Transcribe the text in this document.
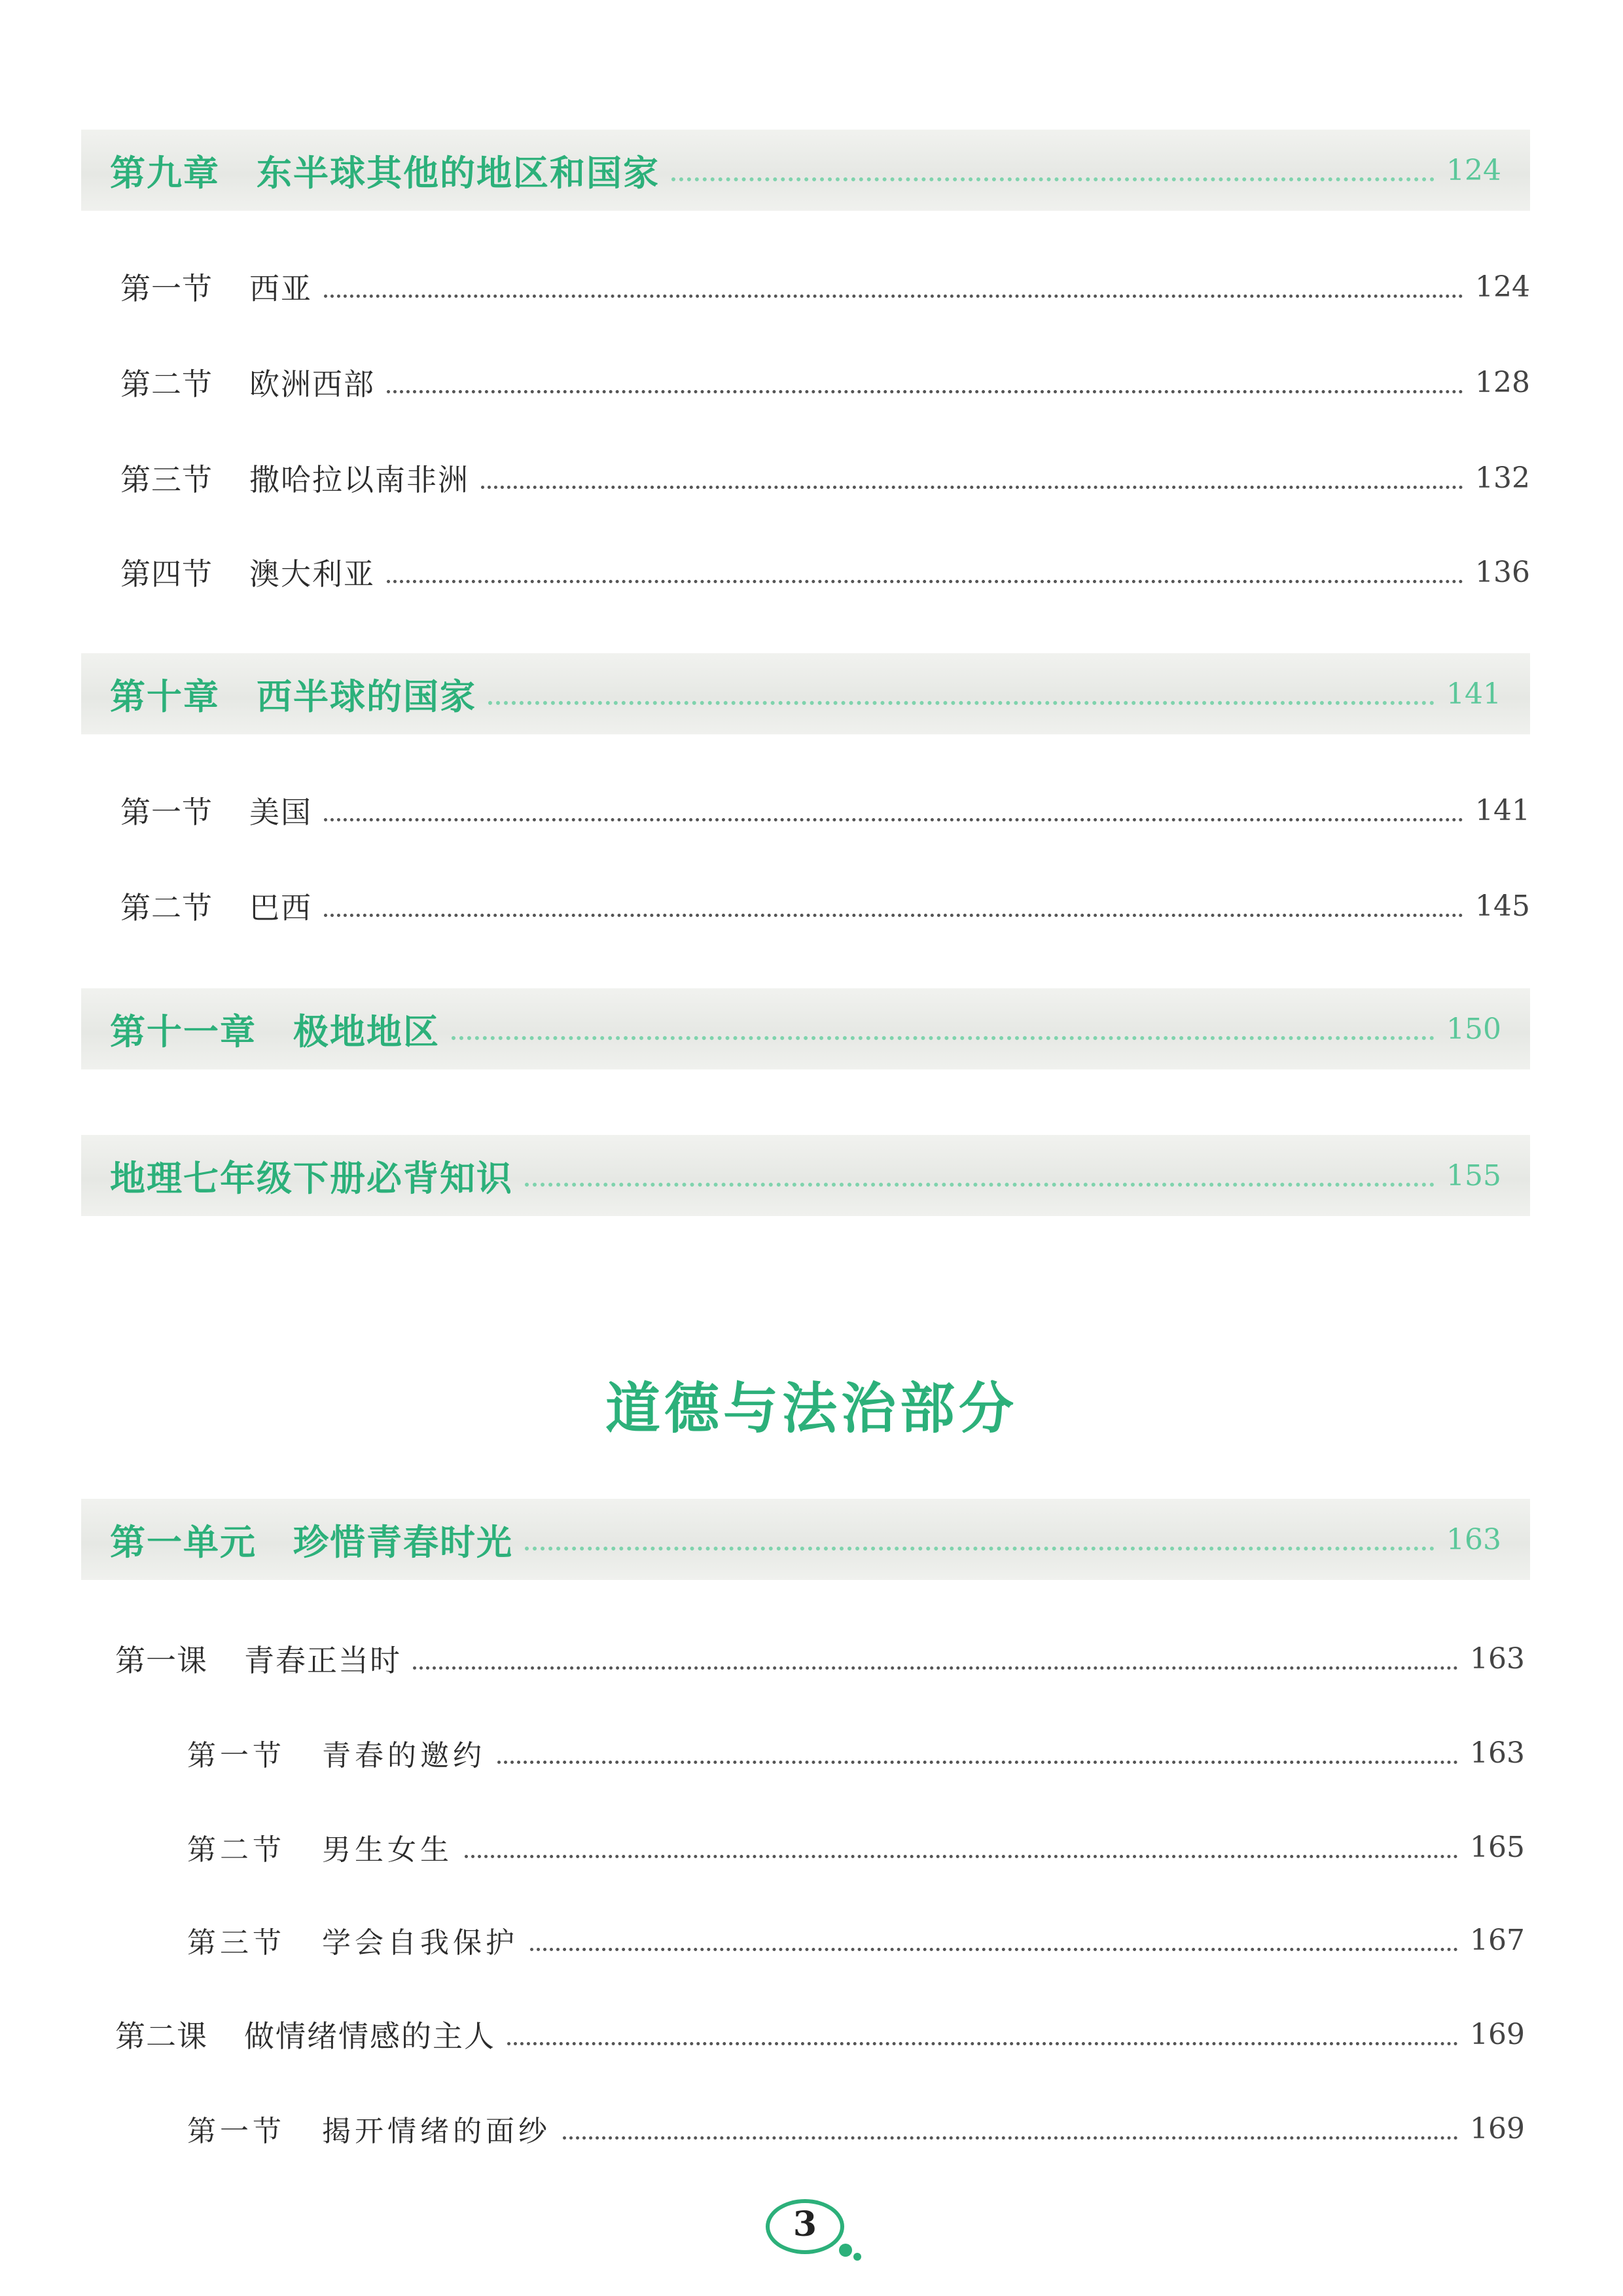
第九章　东半球其他的地区和国家	124
第一节 西亚	124
第二节 欧洲西部	128
第三节 撒哈拉以南非洲	132
第四节 澳大利亚	136
第十章　西半球的国家	141
第一节 美国	141
第二节 巴西	145
第十一章　极地地区	150
地理七年级下册必背知识	155
道德与法治部分
第一单元　珍惜青春时光	163
第一课 青春正当时	163
第一节 青春的邀约	163
第二节 男生女生	165
第三节 学会自我保护	167
第二课 做情绪情感的主人	169
第一节 揭开情绪的面纱	169
3
